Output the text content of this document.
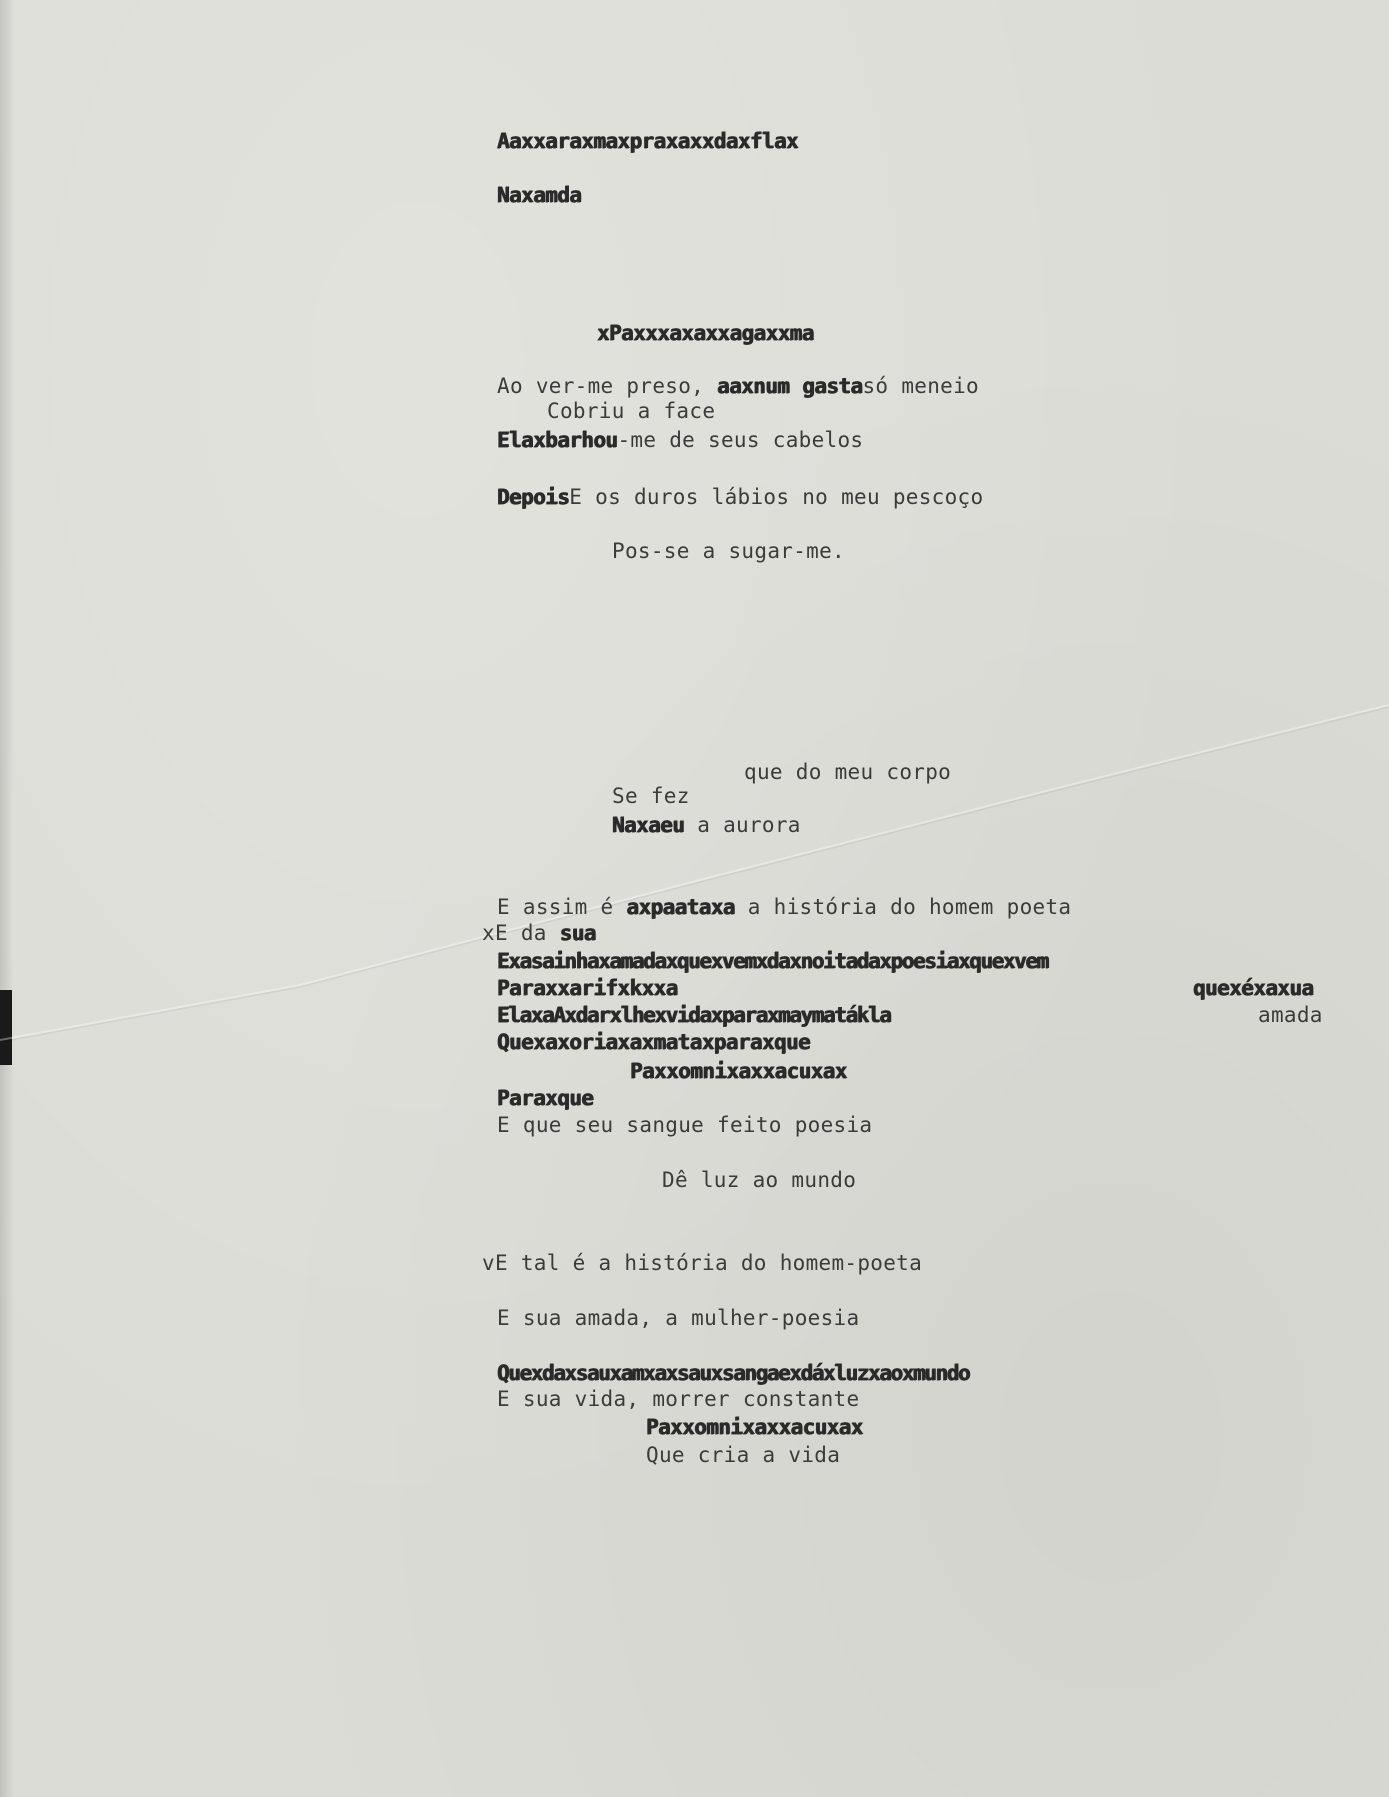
Aaxxaraxmaxpraxaxxdaxflax

Naxamda

xPaxxxaxaxxagaxxma

Ao ver-me preso, aaxnum gastasó meneio

Cobriu a face

Elaxbarhou-me de seus cabelos

DepoisE os duros lábios no meu pescoço

Pos-se a sugar-me.

que do meu corpo

Se fez

Naxaeu a aurora

E assim é axpaataxa a história do homem poeta

xE da sua

Exasainhaxamadaxquexvemxdaxnoitadaxpoesiaxquexvem

Paraxxarifxkxxa	quexéxaxua

ElaxaAxdarxlhexvidaxparaxmaymatákla	amada

Quexaxoriaxaxmataxparaxque

Paxxomnixaxxacuxax

Paraxque

E que seu sangue feito poesia

Dê luz ao mundo

vE tal é a história do homem-poeta

E sua amada, a mulher-poesia

Quexdaxsauxamxaxsauxsangaexdáxluzxaoxmundo

E sua vida, morrer constante

Paxxomnixaxxacuxax

Que cria a vida
